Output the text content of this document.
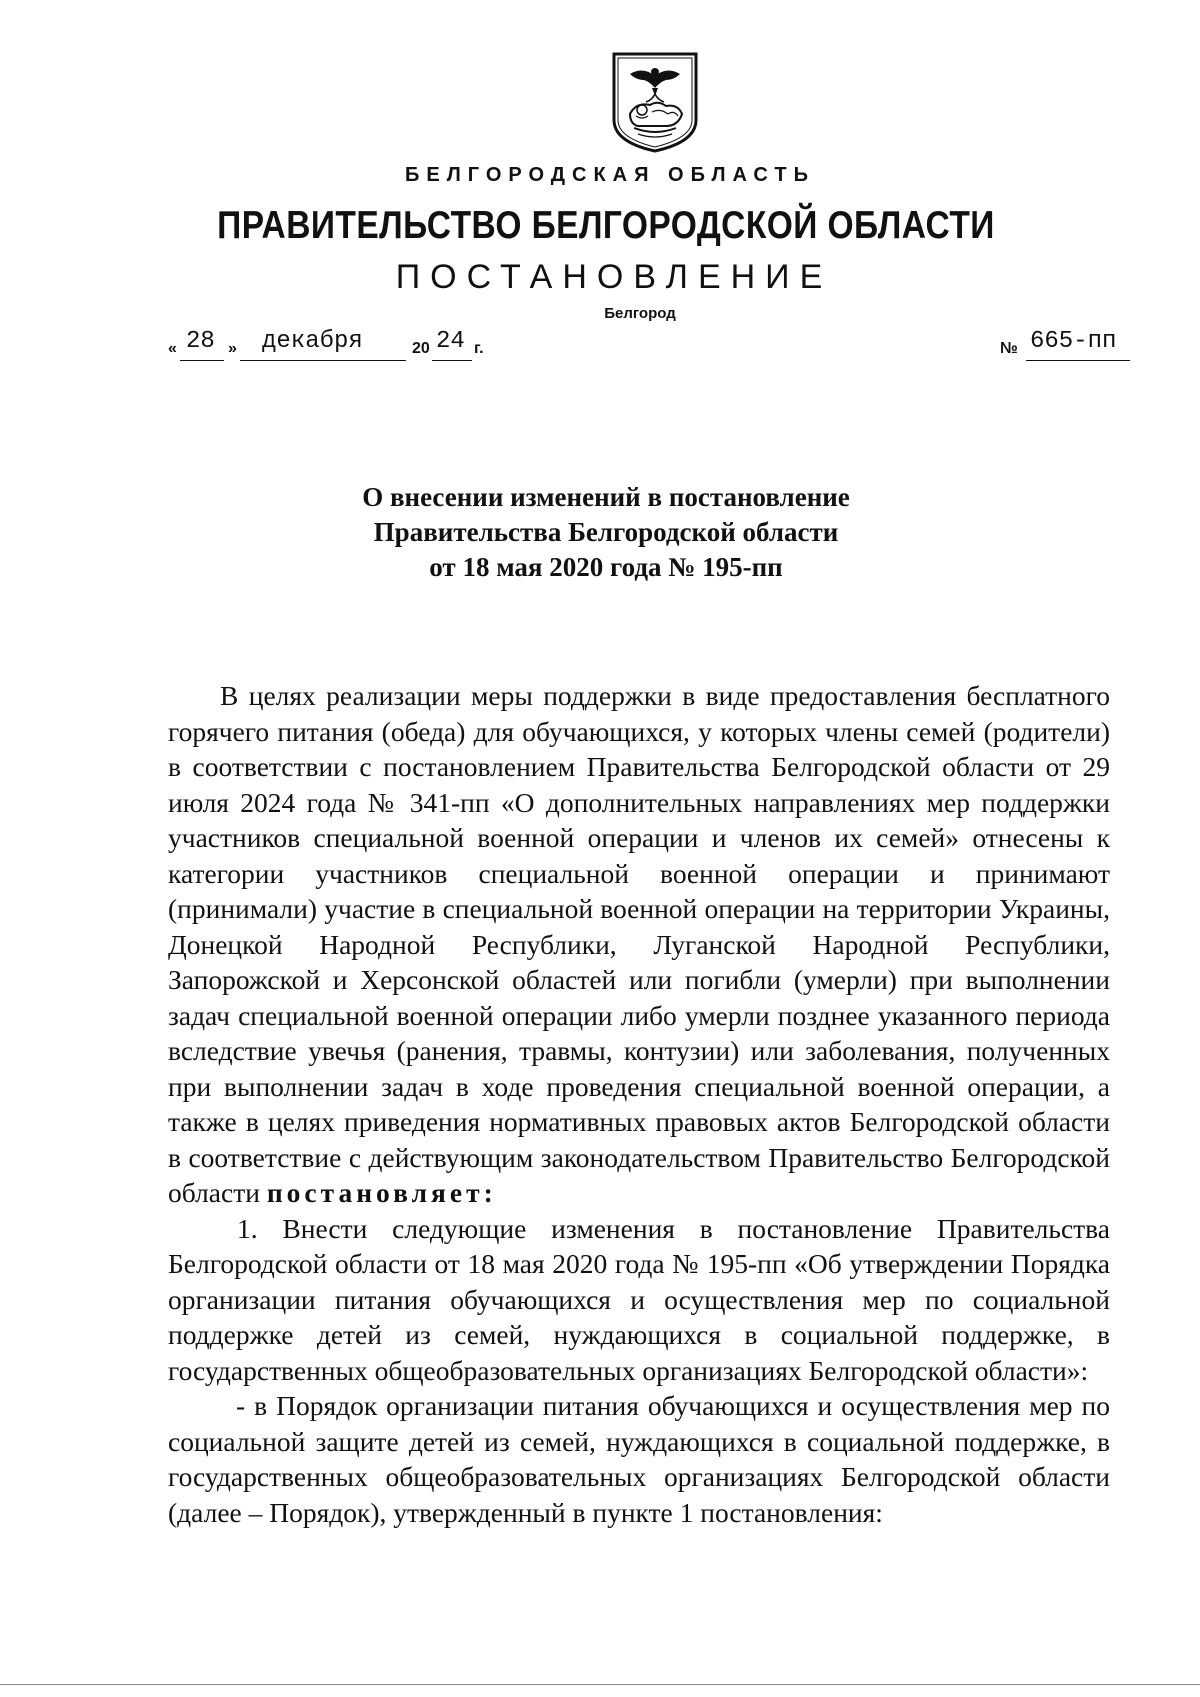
БЕЛГОРОДСКАЯ ОБЛАСТЬ
ПРАВИТЕЛЬСТВО БЕЛГОРОДСКОЙ ОБЛАСТИ
ПОСТАНОВЛЕНИЕ
Белгород
« 28 » декабря	20 24 г.	№ 665-пп
О внесении изменений в постановление
Правительства Белгородской области
от 18 мая 2020 года № 195-пп

В целях реализации меры поддержки в виде предоставления бесплатного горячего питания (обеда) для обучающихся, у которых члены семей (родители) в соответствии с постановлением Правительства Белгородской области от 29 июля 2024 года № 341-пп «О дополнительных направлениях мер поддержки участников специальной военной операции и членов их семей» отнесены к категории участников специальной военной операции и принимают (принимали) участие в специальной военной операции на территории Украины, Донецкой Народной Республики, Луганской Народной Республики, Запорожской и Херсонской областей или погибли (умерли) при выполнении задач специальной военной операции либо умерли позднее указанного периода вследствие увечья (ранения, травмы, контузии) или заболевания, полученных при выполнении задач в ходе проведения специальной военной операции, а также в целях приведения нормативных правовых актов Белгородской области в соответствие с действующим законодательством Правительство Белгородской области постановляет:

1. Внести следующие изменения в постановление Правительства Белгородской области от 18 мая 2020 года № 195-пп «Об утверждении Порядка организации питания обучающихся и осуществления мер по социальной поддержке детей из семей, нуждающихся в социальной поддержке, в государственных общеобразовательных организациях Белгородской области»:

- в Порядок организации питания обучающихся и осуществления мер по социальной защите детей из семей, нуждающихся в социальной поддержке, в государственных общеобразовательных организациях Белгородской области (далее – Порядок), утвержденный в пункте 1 постановления:
